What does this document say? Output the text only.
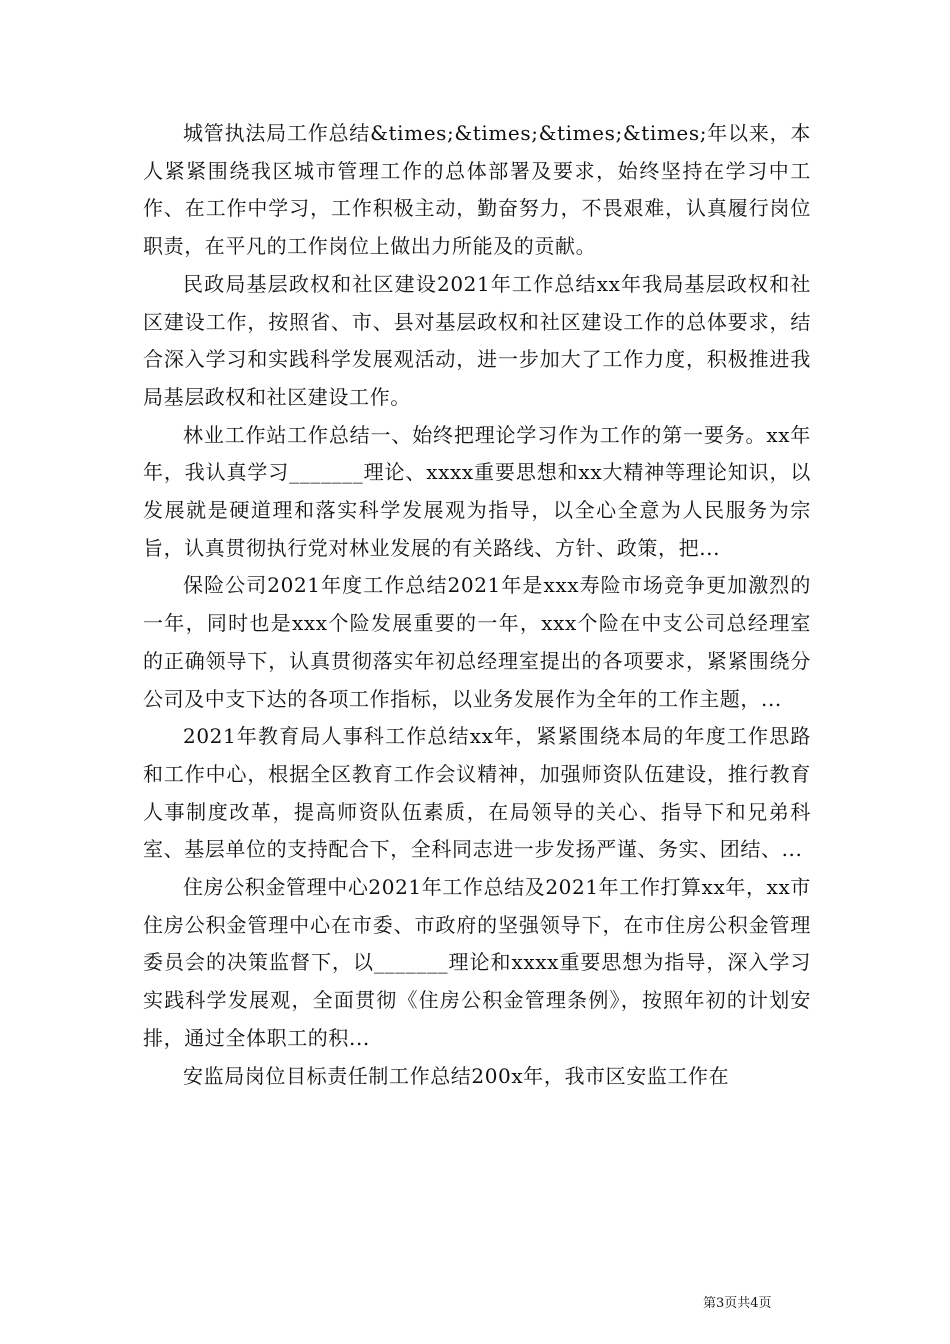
城管执法局工作总结&times;&times;&times;&times;年以来，本人紧紧围绕我区城市管理工作的总体部署及要求，始终坚持在学习中工作、在工作中学习，工作积极主动，勤奋努力，不畏艰难，认真履行岗位职责，在平凡的工作岗位上做出力所能及的贡献。

民政局基层政权和社区建设2021年工作总结xx年我局基层政权和社区建设工作，按照省、市、县对基层政权和社区建设工作的总体要求，结合深入学习和实践科学发展观活动，进一步加大了工作力度，积极推进我局基层政权和社区建设工作。

林业工作站工作总结一、始终把理论学习作为工作的第一要务。xx年年，我认真学习_______理论、xxxx重要思想和xx大精神等理论知识，以发展就是硬道理和落实科学发展观为指导，以全心全意为人民服务为宗旨，认真贯彻执行党对林业发展的有关路线、方针、政策，把...

保险公司2021年度工作总结2021年是xxx寿险市场竞争更加激烈的一年，同时也是xxx个险发展重要的一年，xxx个险在中支公司总经理室的正确领导下，认真贯彻落实年初总经理室提出的各项要求，紧紧围绕分公司及中支下达的各项工作指标，以业务发展作为全年的工作主题，...

2021年教育局人事科工作总结xx年，紧紧围绕本局的年度工作思路和工作中心，根据全区教育工作会议精神，加强师资队伍建设，推行教育人事制度改革，提高师资队伍素质，在局领导的关心、指导下和兄弟科室、基层单位的支持配合下，全科同志进一步发扬严谨、务实、团结、...

住房公积金管理中心2021年工作总结及2021年工作打算xx年，xx市住房公积金管理中心在市委、市政府的坚强领导下，在市住房公积金管理委员会的决策监督下，以_______理论和xxxx重要思想为指导，深入学习实践科学发展观，全面贯彻《住房公积金管理条例》，按照年初的计划安排，通过全体职工的积...

安监局岗位目标责任制工作总结200x年，我市区安监工作在

第3页共4页
